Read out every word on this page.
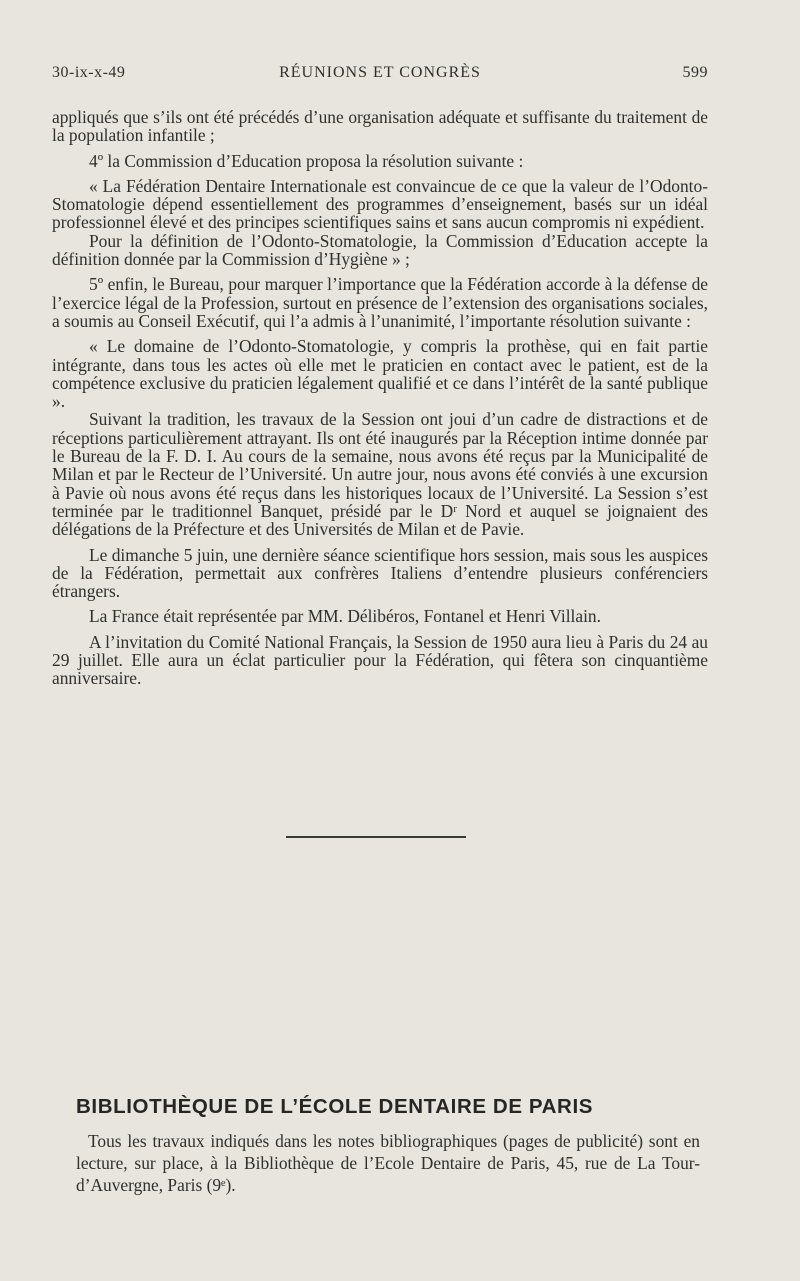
30-ix-x-49	RÉUNIONS ET CONGRÈS	599

appliqués que s’ils ont été précédés d’une organisation adéquate et suffisante du traitement de la population infantile ;

4º la Commission d’Education proposa la résolution suivante :

« La Fédération Dentaire Internationale est convaincue de ce que la valeur de l’Odonto-Stomatologie dépend essentiellement des programmes d’enseignement, basés sur un idéal professionnel élevé et des principes scientifiques sains et sans aucun compromis ni expédient.

Pour la définition de l’Odonto-Stomatologie, la Commission d’Education accepte la définition donnée par la Commission d’Hygiène » ;

5º enfin, le Bureau, pour marquer l’importance que la Fédération accorde à la défense de l’exercice légal de la Profession, surtout en présence de l’extension des organisations sociales, a soumis au Conseil Exécutif, qui l’a admis à l’unanimité, l’importante résolution suivante :

« Le domaine de l’Odonto-Stomatologie, y compris la prothèse, qui en fait partie intégrante, dans tous les actes où elle met le praticien en contact avec le patient, est de la compétence exclusive du praticien légalement qualifié et ce dans l’intérêt de la santé publique ».

Suivant la tradition, les travaux de la Session ont joui d’un cadre de distractions et de réceptions particulièrement attrayant. Ils ont été inaugurés par la Réception intime donnée par le Bureau de la F. D. I. Au cours de la semaine, nous avons été reçus par la Municipalité de Milan et par le Recteur de l’Université. Un autre jour, nous avons été conviés à une excursion à Pavie où nous avons été reçus dans les historiques locaux de l’Université. La Session s’est terminée par le traditionnel Banquet, présidé par le Dʳ Nord et auquel se joignaient des délégations de la Préfecture et des Universités de Milan et de Pavie.

Le dimanche 5 juin, une dernière séance scientifique hors session, mais sous les auspices de la Fédération, permettait aux confrères Italiens d’entendre plusieurs conférenciers étrangers.

La France était représentée par MM. Délibéros, Fontanel et Henri Villain.

A l’invitation du Comité National Français, la Session de 1950 aura lieu à Paris du 24 au 29 juillet. Elle aura un éclat particulier pour la Fédération, qui fêtera son cinquantième anniversaire.

BIBLIOTHÈQUE DE L’ÉCOLE DENTAIRE DE PARIS

Tous les travaux indiqués dans les notes bibliographiques (pages de publicité) sont en lecture, sur place, à la Bibliothèque de l’Ecole Dentaire de Paris, 45, rue de La Tour-d’Auvergne, Paris (9ᵉ).
